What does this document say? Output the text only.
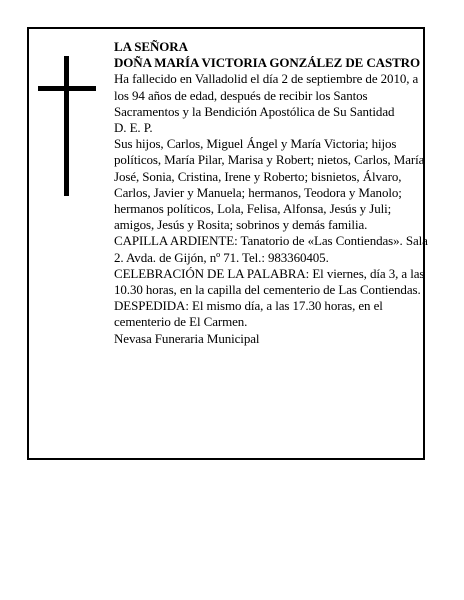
LA SEÑORA

DOÑA MARÍA VICTORIA GONZÁLEZ DE CASTRO

Ha fallecido en Valladolid el día 2 de septiembre de 2010, a los 94 años de edad, después de recibir los Santos Sacramentos y la Bendición Apostólica de Su Santidad

D. E. P.

Sus hijos, Carlos, Miguel Ángel y María Victoria; hijos políticos, María Pilar, Marisa y Robert; nietos, Carlos, María José, Sonia, Cristina, Irene y Roberto; bisnietos, Álvaro, Carlos, Javier y Manuela; hermanos, Teodora y Manolo; hermanos políticos, Lola, Felisa, Alfonsa, Jesús y Juli; amigos, Jesús y Rosita; sobrinos y demás familia.

CAPILLA ARDIENTE: Tanatorio de «Las Contiendas». Sala 2. Avda. de Gijón, nº 71. Tel.: 983360405.

CELEBRACIÓN DE LA PALABRA: El viernes, día 3, a las 10.30 horas, en la capilla del cementerio de Las Contiendas. DESPEDIDA: El mismo día, a las 17.30 horas, en el cementerio de El Carmen.

Nevasa Funeraria Municipal
